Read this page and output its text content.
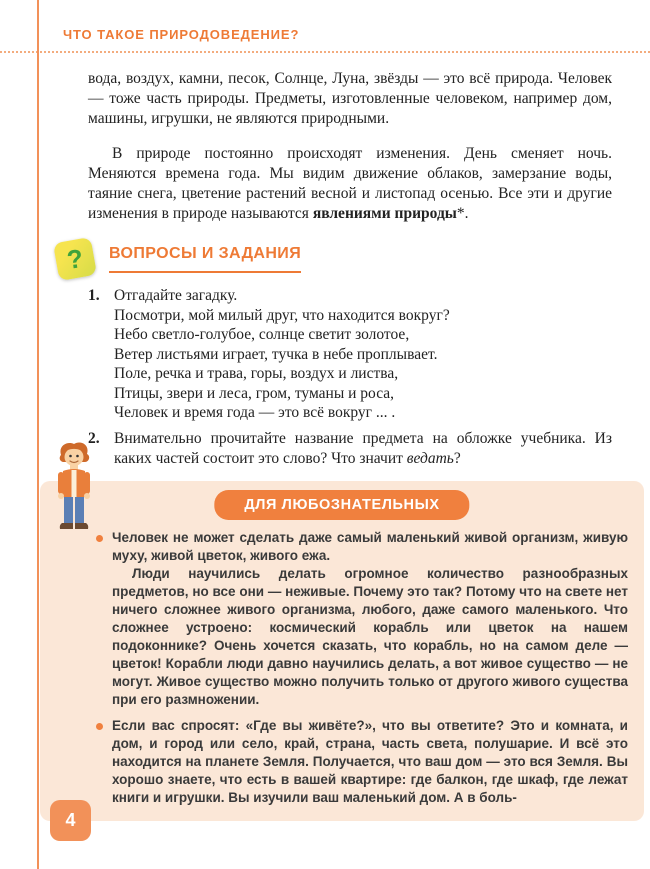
ЧТО ТАКОЕ ПРИРОДОВЕДЕНИЕ?

вода, воздух, камни, песок, Солнце, Луна, звёзды — это всё природа. Человек — тоже часть природы. Предметы, изготовленные человеком, например дом, машины, игрушки, не являются природными.

В природе постоянно происходят изменения. День сменяет ночь. Меняются времена года. Мы видим движение облаков, замерзание воды, таяние снега, цветение растений весной и листопад осенью. Все эти и другие изменения в природе называются явлениями природы*.

? ВОПРОСЫ И ЗАДАНИЯ
1. Отгадайте загадку.
Посмотри, мой милый друг, что находится вокруг?
Небо светло-голубое, солнце светит золотое,
Ветер листьями играет, тучка в небе проплывает.
Поле, речка и трава, горы, воздух и листва,
Птицы, звери и леса, гром, туманы и роса,
Человек и время года — это всё вокруг ... .
2. Внимательно прочитайте название предмета на обложке учебника. Из каких частей состоит это слово? Что значит ведать?
ДЛЯ ЛЮБОЗНАТЕЛЬНЫХ

Человек не может сделать даже самый маленький живой организм, живую муху, живой цветок, живого ежа.

Люди научились делать огромное количество разнообразных предметов, но все они — неживые. Почему это так? Потому что на свете нет ничего сложнее живого организма, любого, даже самого маленького. Что сложнее устроено: космический корабль или цветок на нашем подоконнике? Очень хочется сказать, что корабль, но на самом деле — цветок! Корабли люди давно научились делать, а вот живое существо — не могут. Живое существо можно получить только от другого живого существа при его размножении.

Если вас спросят: «Где вы живёте?», что вы ответите? Это и комната, и дом, и город или село, край, страна, часть света, полушарие. И всё это находится на планете Земля. Получается, что ваш дом — это вся Земля. Вы хорошо знаете, что есть в вашей квартире: где балкон, где шкаф, где лежат книги и игрушки. Вы изучили ваш маленький дом. А в боль-

4
